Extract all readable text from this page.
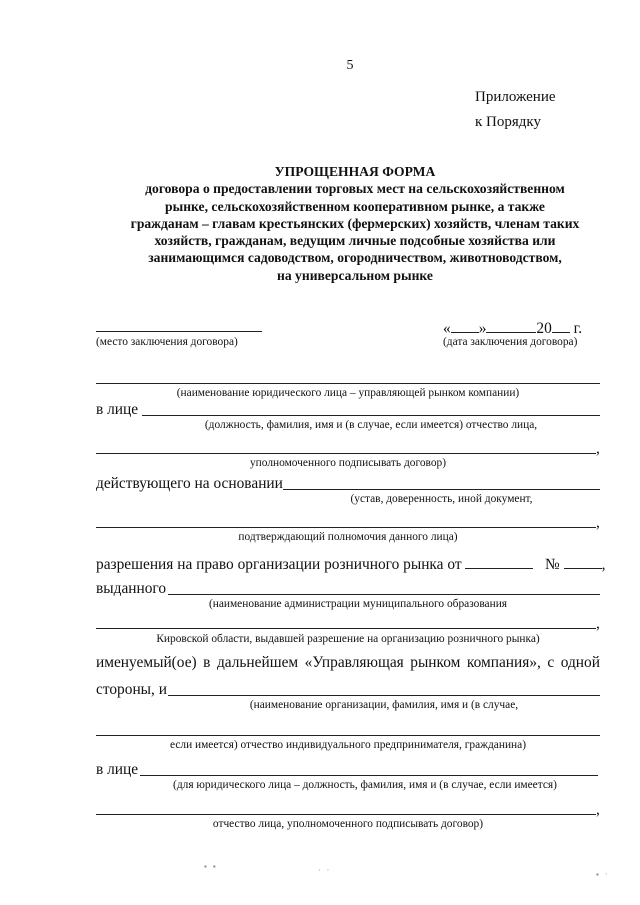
5
Приложение
к Порядку
УПРОЩЕННАЯ ФОРМА
договора о предоставлении торговых мест на сельскохозяйственном
рынке, сельскохозяйственном кооперативном рынке, а также
гражданам – главам крестьянских (фермерских) хозяйств, членам таких
хозяйств, гражданам, ведущим личные подсобные хозяйства или
занимающимся садоводством, огородничеством, животноводством,
на универсальном рынке
(место заключения договора)
« »	20 г.
(дата заключения договора)
(наименование юридического лица – управляющей рынком компании)
в лице
(должность, фамилия, имя и (в случае, если имеется) отчество лица,
,
уполномоченного подписывать договор)
действующего на основании
(устав, доверенность, иной документ,
,
подтверждающий полномочия данного лица)
разрешения на право организации розничного рынка от	№	,
выданного
(наименование администрации муниципального образования
,
Кировской области, выдавшей разрешение на организацию розничного рынка)
именуемый(ое) в дальнейшем «Управляющая рынком компания», с одной
стороны, и
(наименование организации, фамилия, имя и (в случае,
если имеется) отчество индивидуального предпринимателя, гражданина)
в лице
(для юридического лица – должность, фамилия, имя и (в случае, если имеется)
,
отчество лица, уполномоченного подписывать договор)
▪ ▪	· ·	▪ ·
